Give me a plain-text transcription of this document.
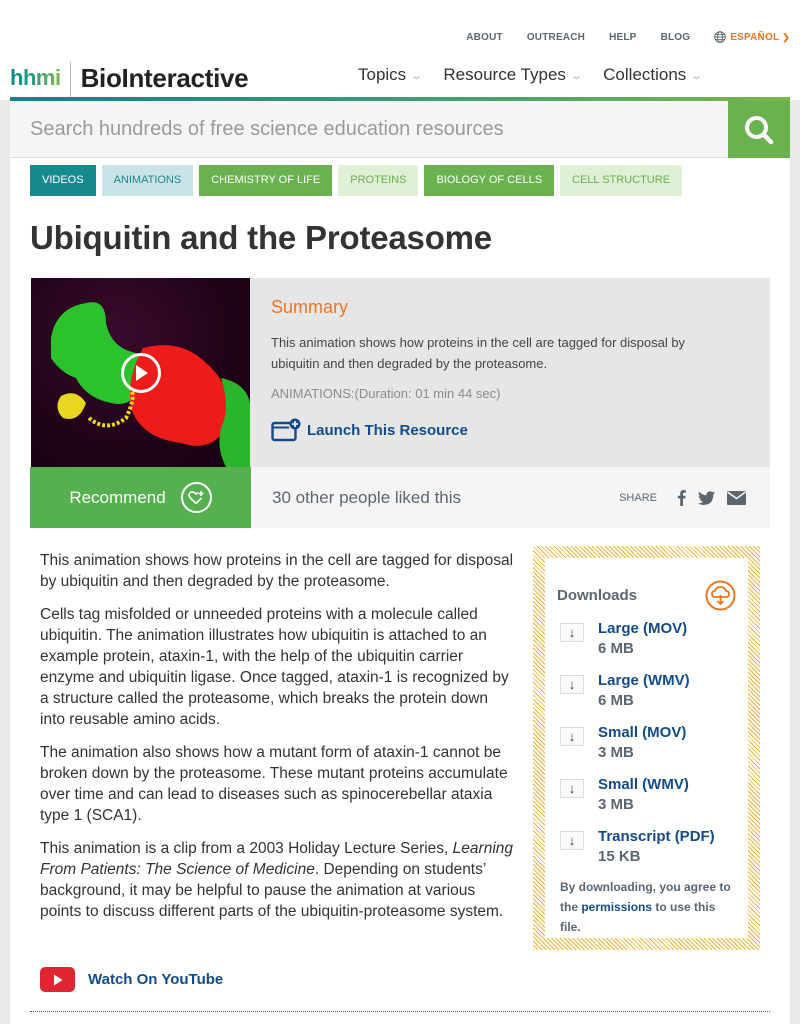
ABOUT OUTREACH HELP BLOG	ESPAÑOL ❯
hhmi BioInteractive	Topics ⌄ Resource Types ⌄ Collections ⌄
Search hundreds of free science education resources
VIDEOS	ANIMATIONS	CHEMISTRY OF LIFE	PROTEINS	BIOLOGY OF CELLS	CELL STRUCTURE
Ubiquitin and the Proteasome
Summary

This animation shows how proteins in the cell are tagged for disposal by ubiquitin and then degraded by the proteasome.

ANIMATIONS:(Duration: 01 min 44 sec)
Launch This Resource
Recommend	30 other people liked this	SHARE

This animation shows how proteins in the cell are tagged for disposal by ubiquitin and then degraded by the proteasome.

Cells tag misfolded or unneeded proteins with a molecule called ubiquitin. The animation illustrates how ubiquitin is attached to an example protein, ataxin-1, with the help of the ubiquitin carrier enzyme and ubiquitin ligase. Once tagged, ataxin-1 is recognized by a structure called the proteasome, which breaks the protein down into reusable amino acids.

The animation also shows how a mutant form of ataxin-1 cannot be broken down by the proteasome. These mutant proteins accumulate over time and can lead to diseases such as spinocerebellar ataxia type 1 (SCA1).

This animation is a clip from a 2003 Holiday Lecture Series, Learning From Patients: The Science of Medicine. Depending on students’ background, it may be helpful to pause the animation at various points to discuss different parts of the ubiquitin-proteasome system.

Downloads
↓	Large (MOV)
6 MB
↓	Large (WMV)
6 MB
↓	Small (MOV)
3 MB
↓	Small (WMV)
3 MB
↓	Transcript (PDF)
15 KB
By downloading, you agree to the permissions to use this file.
Watch On YouTube
